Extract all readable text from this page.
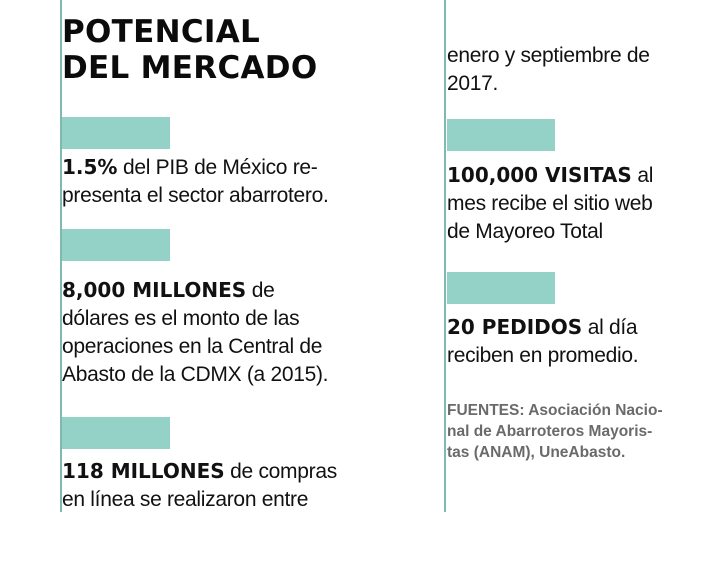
POTENCIAL
DEL MERCADO

1.5% del PIB de México re-
presenta el sector abarrotero.

8,000 MILLONES de
dólares es el monto de las
operaciones en la Central de
Abasto de la CDMX (a 2015).

118 MILLONES de compras
en línea se realizaron entre

enero y septiembre de
2017.

100,000 VISITAS al
mes recibe el sitio web
de Mayoreo Total

20 PEDIDOS al día
reciben en promedio.

FUENTES: Asociación Nacio-
nal de Abarroteros Mayoris-
tas (ANAM), UneAbasto.
